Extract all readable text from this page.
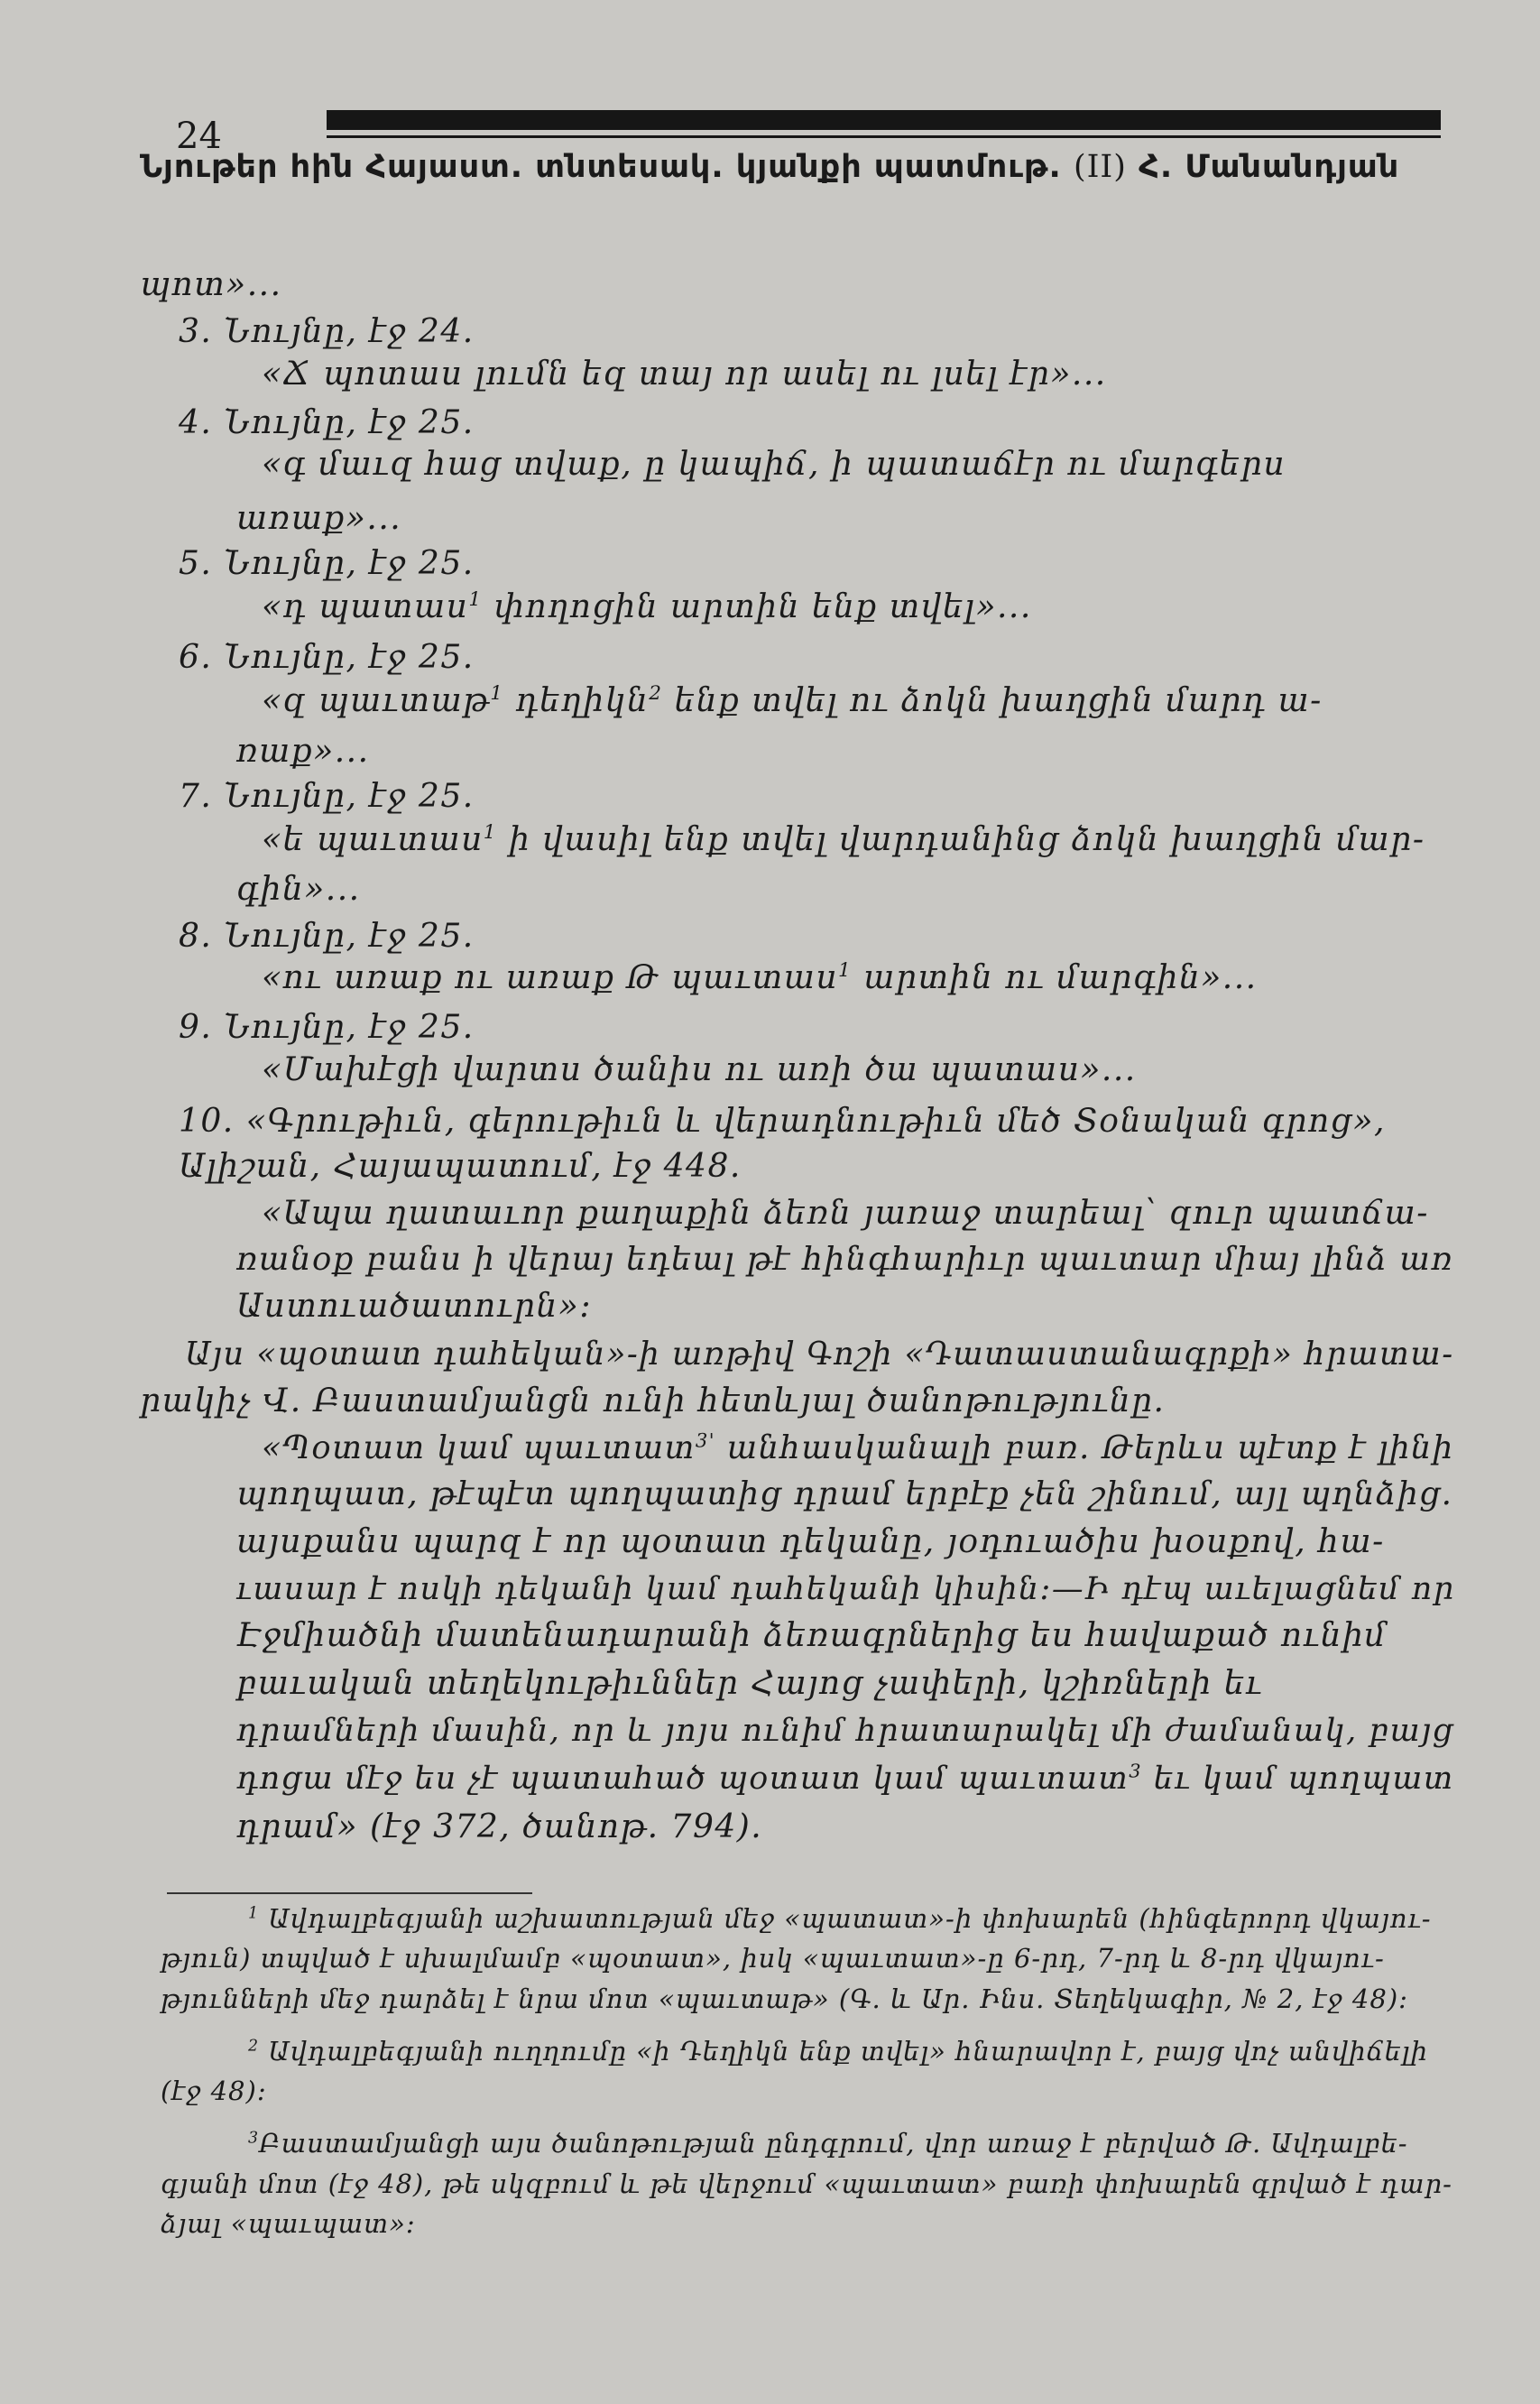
24
Նյութեր հին Հայաստ. տնտեսակ. կյանքի պատմութ. (II) Հ. Մանանդյան
պոտ»...
3. Նույնը, էջ 24.
«Ճ պոտաս լումն եզ տայ որ ասել ու լսել էր»...
4. Նույնը, էջ 25.
«գ մաւզ հաց տվաք, ը կապիճ, ի պատաճէր ու մարգերս
առաք»...
5. Նույնը, էջ 25.
«դ պատաս$^1$ փողոցին արտին ենք տվել»...
6. Նույնը, էջ 25.
«զ պաւտաթ$^1$ դեղիկն$^2$ ենք տվել ու ձոկն խաղցին մարդ ա-
ռաք»...
7. Նույնը, էջ 25.
«ե պաւտաս$^1$ ի վասիլ ենք տվել վարդանինց ձոկն խաղցին մար-
գին»...
8. Նույնը, էջ 25.
«ու առաք ու առաք Թ պաւտաս$^1$ արտին ու մարգին»...
9. Նույնը, էջ 25.
«Մախէցի վարտս ծանիս ու առի ծա պատաս»...
10. «Գրութիւն, գերութիւն և վերադնութիւն մեծ Տօնական գրոց»,
Ալիշան, Հայապատում, էջ 448.
«Ապա ղատաւոր քաղաքին ձեռն յառաջ տարեալ՝ զուր պատճա-
ռանօք բանս ի վերայ եդեալ թէ հինգհարիւր պաւտար միայ լինձ առ
Աստուածատուրն»։
Այս «պօտատ դահեկան»-ի առթիվ Գոշի «Դատաստանագրքի» հրատա-
րակիչ Վ. Բաստամյանցն ունի հետևյալ ծանոթությունը.
«Պօտատ կամ պաւտատ$^{3'}$ անհասկանալի բառ. Թերևս պէտք է լինի
պողպատ, թէպէտ պողպատից դրամ երբէք չեն շինում, այլ պղնձից.
այսքանս պարզ է որ պօտատ դեկանը, յօդուածիս խօսքով, հա-
ւասար է ոսկի դեկանի կամ դահեկանի կիսին։—Ի դէպ աւելացնեմ որ
Էջմիածնի մատենադարանի ձեռագրներից ես հավաքած ունիմ
բաւական տեղեկութիւններ Հայոց չափերի, կշիռների եւ
դրամների մասին, որ և յոյս ունիմ հրատարակել մի ժամանակ, բայց
դոցա մէջ ես չէ պատահած պօտատ կամ պաւտատ$^3$ եւ կամ պողպատ
դրամ» (էջ 372, ծանոթ. 794).
$^1$ Ավդալբեգյանի աշխատության մեջ «պատատ»-ի փոխարեն (հինգերորդ վկայու-
թյուն) տպված է սխալմամբ «պօտատ», իսկ «պաւտատ»-ը 6-րդ, 7-րդ և 8-րդ վկայու-
թյունների մեջ դարձել է նրա մոտ «պաւտաթ» (Գ. և Ար. Ինս. Տեղեկագիր, № 2, էջ 48)։
$^2$ Ավդալբեգյանի ուղղումը «ի Դեղիկն ենք տվել» հնարավոր է, բայց վոչ անվիճելի
(էջ 48)։
$^3$Բաստամյանցի այս ծանոթության ընդգրում, վոր առաջ է բերված Թ. Ավդալբե-
գյանի մոտ (էջ 48), թե սկզբում և թե վերջում «պաւտատ» բառի փոխարեն գրված է դար-
ձյալ «պաւպատ»։
